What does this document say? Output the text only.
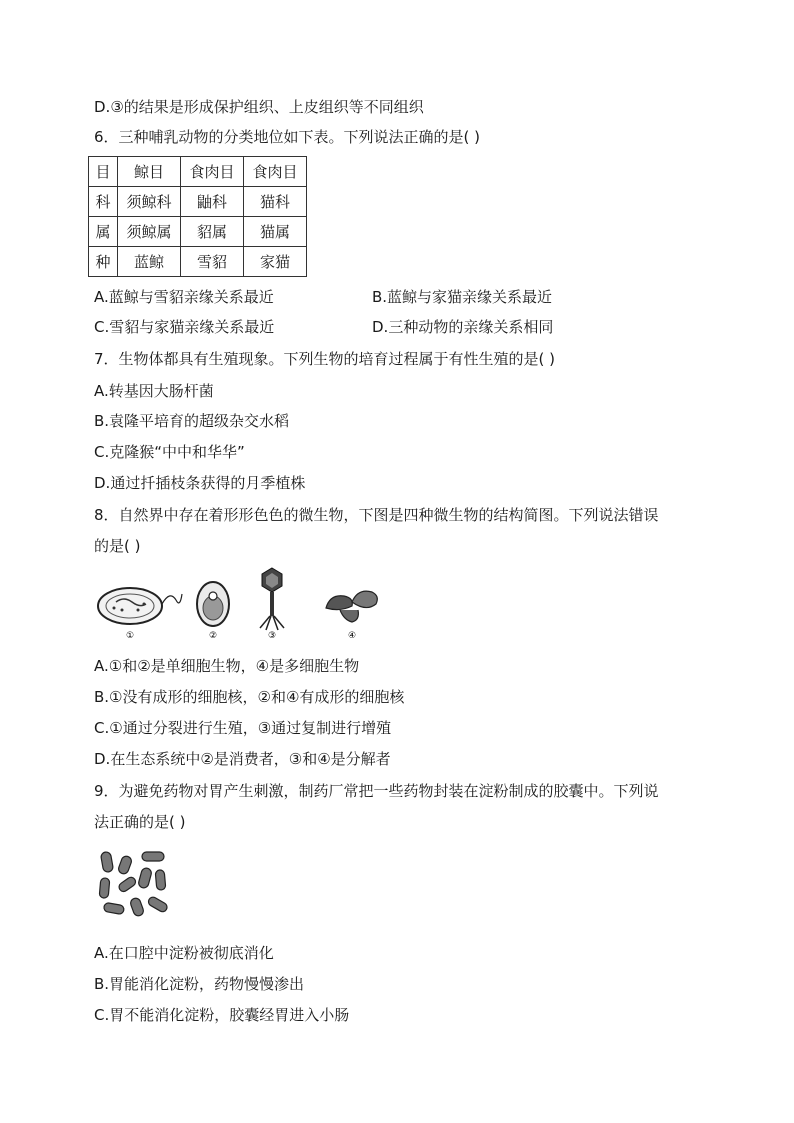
D.③的结果是形成保护组织、上皮组织等不同组织
6．三种哺乳动物的分类地位如下表。下列说法正确的是( )
目	鲸目	食肉目	食肉目
科	须鲸科	鼬科	猫科
属	须鲸属	貂属	猫属
种	蓝鲸	雪貂	家猫
A.蓝鲸与雪貂亲缘关系最近	B.蓝鲸与家猫亲缘关系最近
C.雪貂与家猫亲缘关系最近	D.三种动物的亲缘关系相同
7．生物体都具有生殖现象。下列生物的培育过程属于有性生殖的是( )
A.转基因大肠杆菌
B.袁隆平培育的超级杂交水稻
C.克隆猴“中中和华华”
D.通过扦插枝条获得的月季植株
8．自然界中存在着形形色色的微生物，下图是四种微生物的结构简图。下列说法错误
的是( )
①	②	③	④
A.①和②是单细胞生物，④是多细胞生物
B.①没有成形的细胞核，②和④有成形的细胞核
C.①通过分裂进行生殖，③通过复制进行增殖
D.在生态系统中②是消费者，③和④是分解者
9．为避免药物对胃产生刺激，制药厂常把一些药物封装在淀粉制成的胶囊中。下列说
法正确的是( )
A.在口腔中淀粉被彻底消化
B.胃能消化淀粉，药物慢慢渗出
C.胃不能消化淀粉，胶囊经胃进入小肠
